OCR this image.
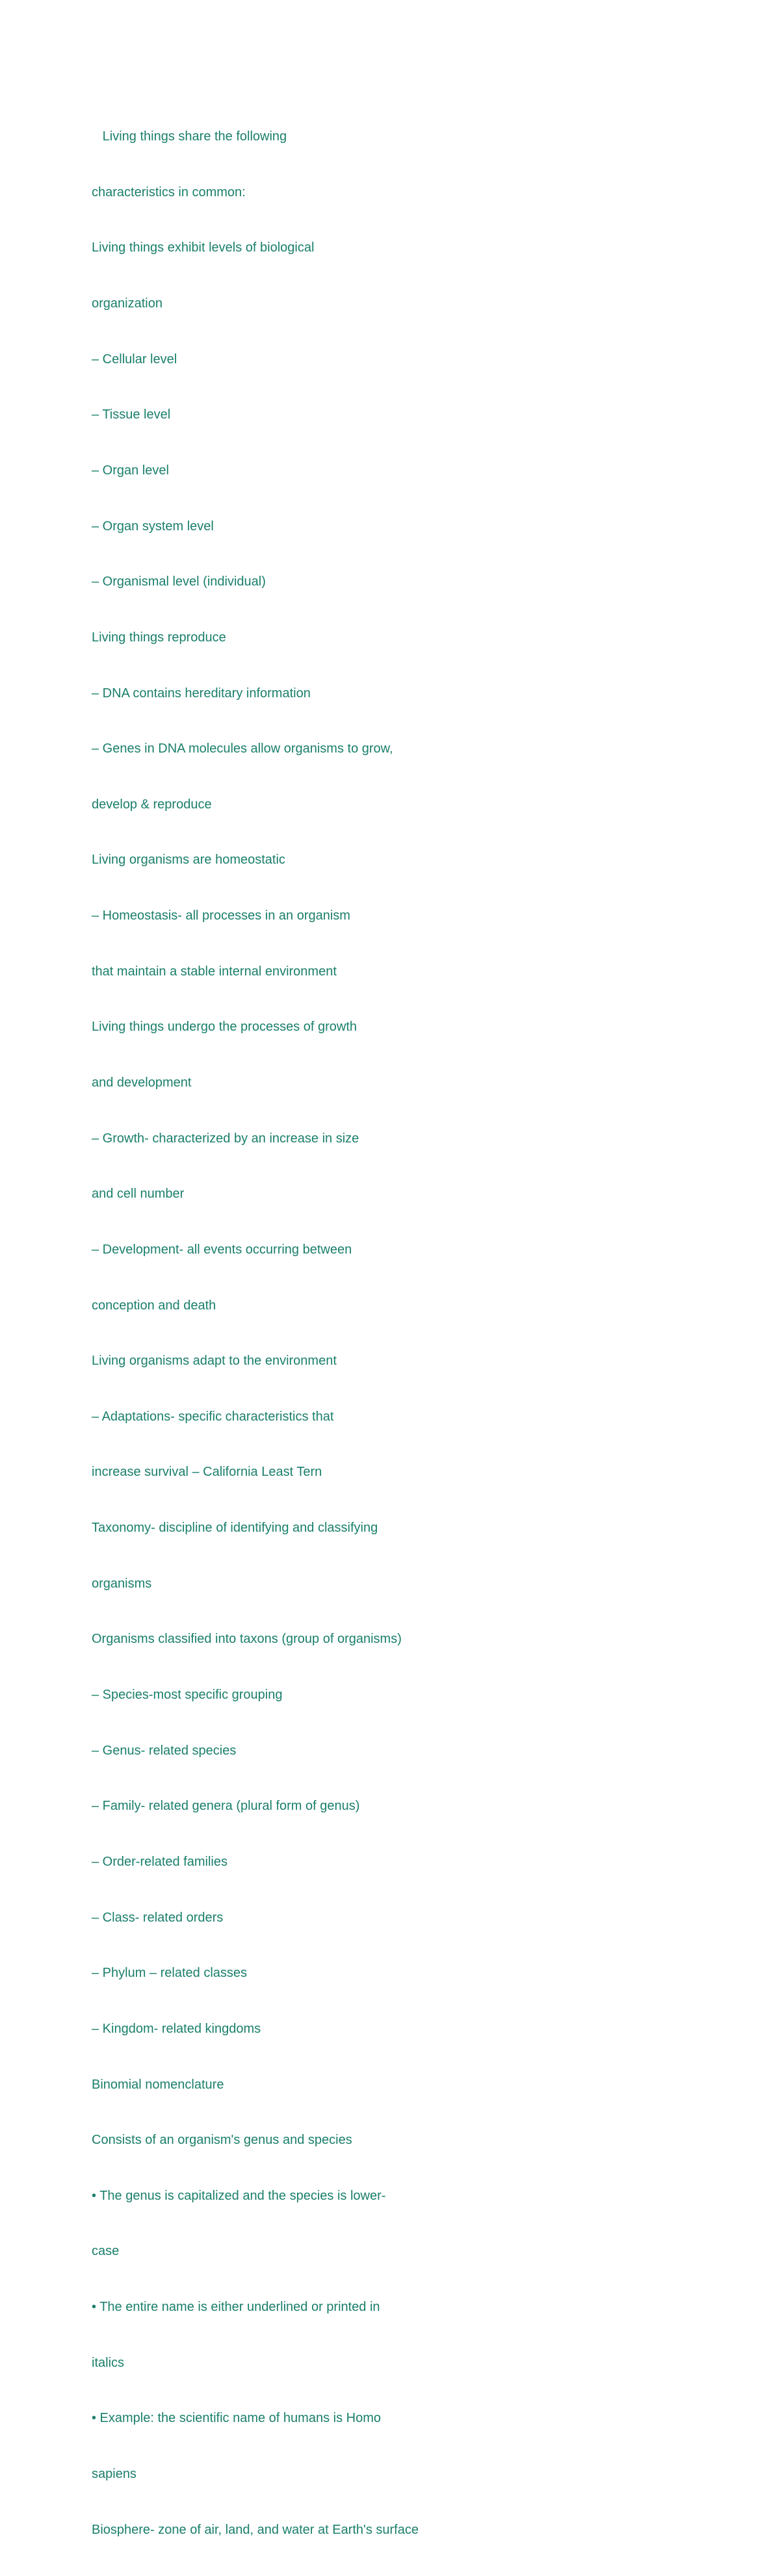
Living things share the following

characteristics in common:

Living things exhibit levels of biological

organization

– Cellular level

– Tissue level

– Organ level

– Organ system level

– Organismal level (individual)

Living things reproduce

– DNA contains hereditary information

– Genes in DNA molecules allow organisms to grow,

develop & reproduce

Living organisms are homeostatic

– Homeostasis- all processes in an organism

that maintain a stable internal environment

Living things undergo the processes of growth

and development

– Growth- characterized by an increase in size

and cell number

– Development- all events occurring between

conception and death

Living organisms adapt to the environment

– Adaptations- specific characteristics that

increase survival – California Least Tern

Taxonomy- discipline of identifying and classifying

organisms

Organisms classified into taxons (group of organisms)

– Species-most specific grouping

– Genus- related species

– Family- related genera (plural form of genus)

– Order-related families

– Class- related orders

– Phylum – related classes

– Kingdom- related kingdoms

Binomial nomenclature

Consists of an organism's genus and species

• The genus is capitalized and the species is lower-

case

• The entire name is either underlined or printed in

italics

• Example: the scientific name of humans is Homo

sapiens

Biosphere- zone of air, land, and water at Earth's surface
